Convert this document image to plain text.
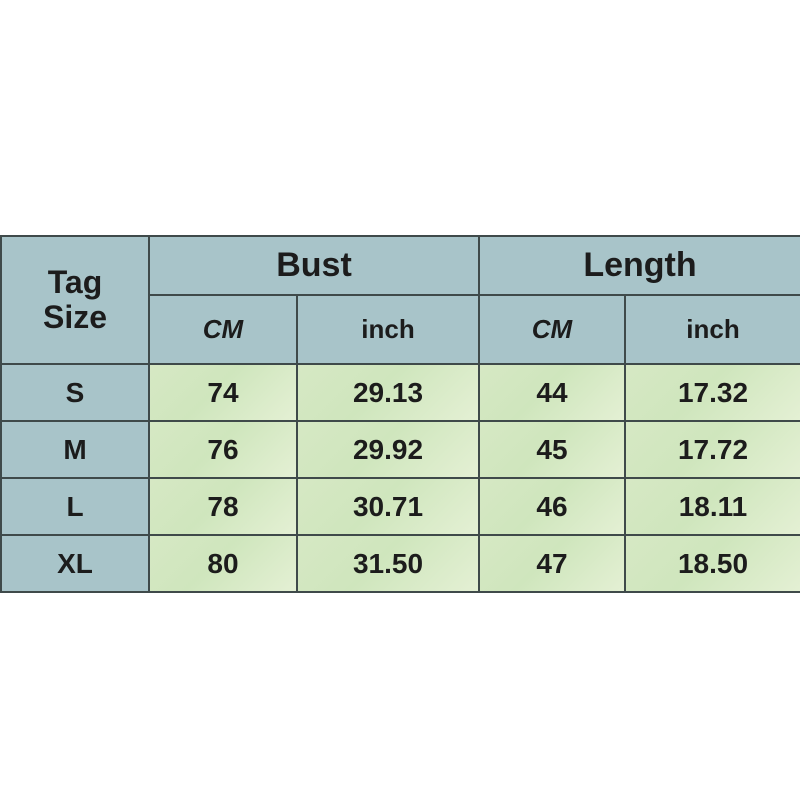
Tag
Size	Bust		Length	
	CM	inch	CM	inch
S	74	29.13	44	17.32
M	76	29.92	45	17.72
L	78	30.71	46	18.11
XL	80	31.50	47	18.50
